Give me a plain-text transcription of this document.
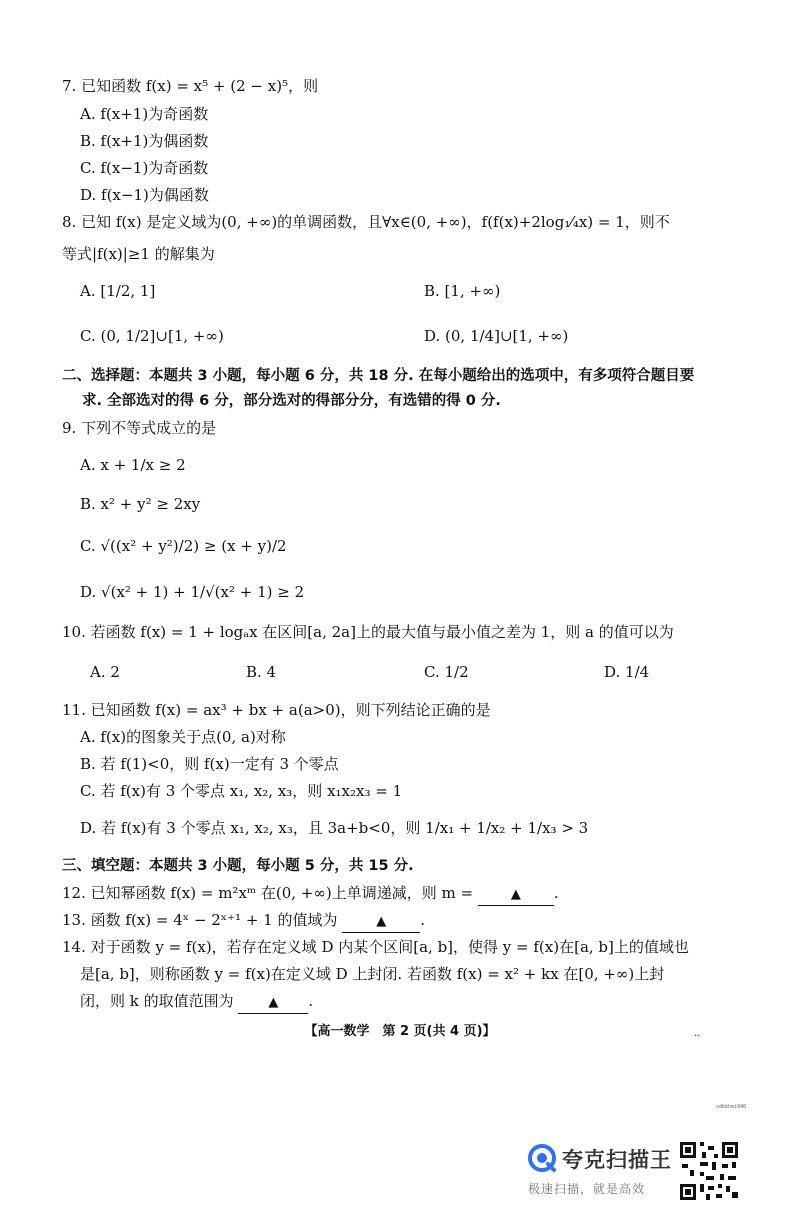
7. 已知函数 f(x) = x⁵ + (2 − x)⁵，则
A. f(x+1)为奇函数
B. f(x+1)为偶函数
C. f(x−1)为奇函数
D. f(x−1)为偶函数
8. 已知 f(x) 是定义域为(0, +∞)的单调函数，且∀x∈(0, +∞)，f(f(x)+2log₁⁄₄x) = 1，则不
等式|f(x)|≥1 的解集为
A. [1/2, 1]	B. [1, +∞)
C. (0, 1/2]∪[1, +∞)	D. (0, 1/4]∪[1, +∞)
二、选择题：本题共 3 小题，每小题 6 分，共 18 分. 在每小题给出的选项中，有多项符合题目要
求. 全部选对的得 6 分，部分选对的得部分分，有选错的得 0 分.
9. 下列不等式成立的是
A. x + 1/x ≥ 2
B. x² + y² ≥ 2xy
C. √((x² + y²)/2) ≥ (x + y)/2
D. √(x² + 1) + 1/√(x² + 1) ≥ 2
10. 若函数 f(x) = 1 + logₐx 在区间[a, 2a]上的最大值与最小值之差为 1，则 a 的值可以为
A. 2	B. 4	C. 1/2	D. 1/4
11. 已知函数 f(x) = ax³ + bx + a(a>0)，则下列结论正确的是
A. f(x)的图象关于点(0, a)对称
B. 若 f(1)<0，则 f(x)一定有 3 个零点
C. 若 f(x)有 3 个零点 x₁, x₂, x₃，则 x₁x₂x₃ = 1
D. 若 f(x)有 3 个零点 x₁, x₂, x₃，且 3a+b<0，则 1/x₁ + 1/x₂ + 1/x₃ > 3
三、填空题：本题共 3 小题，每小题 5 分，共 15 分.
12. 已知幂函数 f(x) = m²xᵐ 在(0, +∞)上单调递减，则 m =	▲ .
13. 函数 f(x) = 4ˣ − 2ˣ⁺¹ + 1 的值域为	▲ .
14. 对于函数 y = f(x)，若存在定义域 D 内某个区间[a, b]，使得 y = f(x)在[a, b]上的值域也
是[a, b]，则称函数 y = f(x)在定义域 D 上封闭. 若函数 f(x) = x² + kx 在[0, +∞)上封
闭，则 k 的取值范围为	▲ .
【高一数学　第 2 页(共 4 页)】	..
cdkbhmi040
夸克扫描王
极速扫描，就是高效
